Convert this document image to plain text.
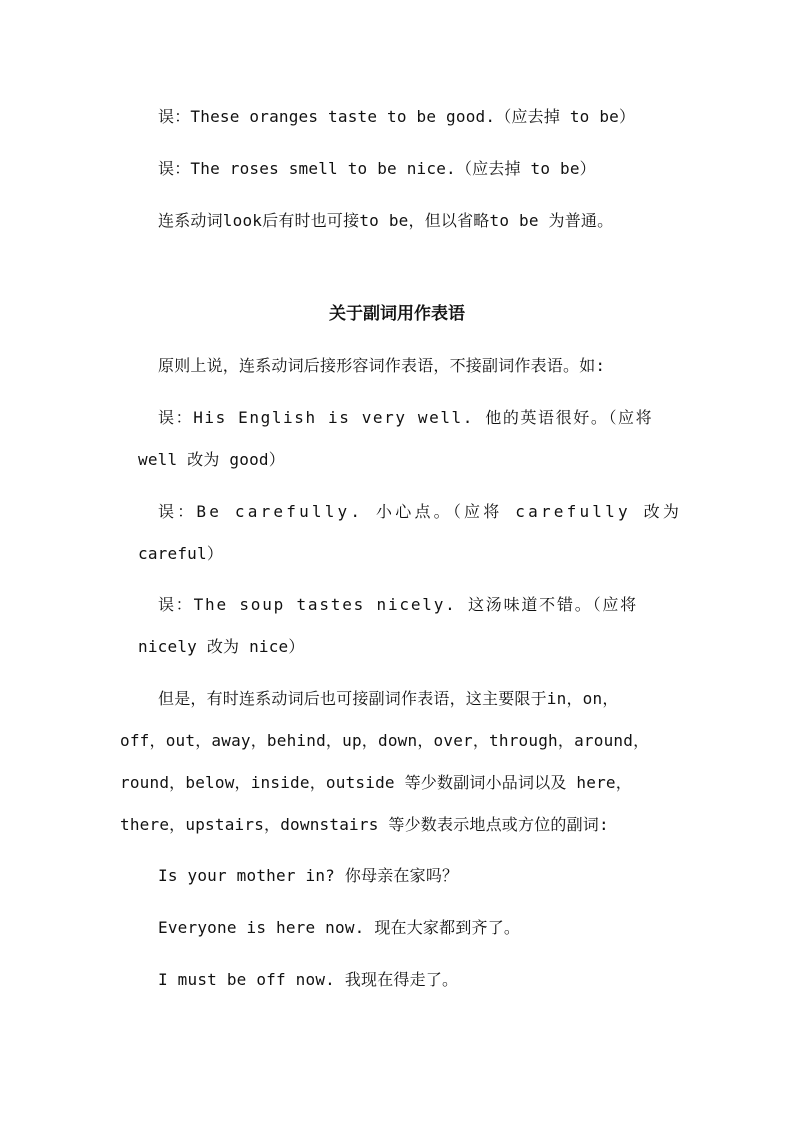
误：These oranges taste to be good.（应去掉 to be）
误：The roses smell to be nice.（应去掉 to be）
连系动词look后有时也可接to be，但以省略to be 为普通。
关于副词用作表语
原则上说，连系动词后接形容词作表语，不接副词作表语。如:
误：His English is very well. 他的英语很好。（应将
well 改为 good）
误：Be carefully. 小心点。（应将 carefully 改为
careful）
误：The soup tastes nicely. 这汤味道不错。（应将
nicely 改为 nice）
但是，有时连系动词后也可接副词作表语，这主要限于in，on，
off，out，away，behind，up，down，over，through，around，
round，below，inside，outside 等少数副词小品词以及 here，
there，upstairs，downstairs 等少数表示地点或方位的副词:
Is your mother in? 你母亲在家吗？
Everyone is here now. 现在大家都到齐了。
I must be off now. 我现在得走了。
